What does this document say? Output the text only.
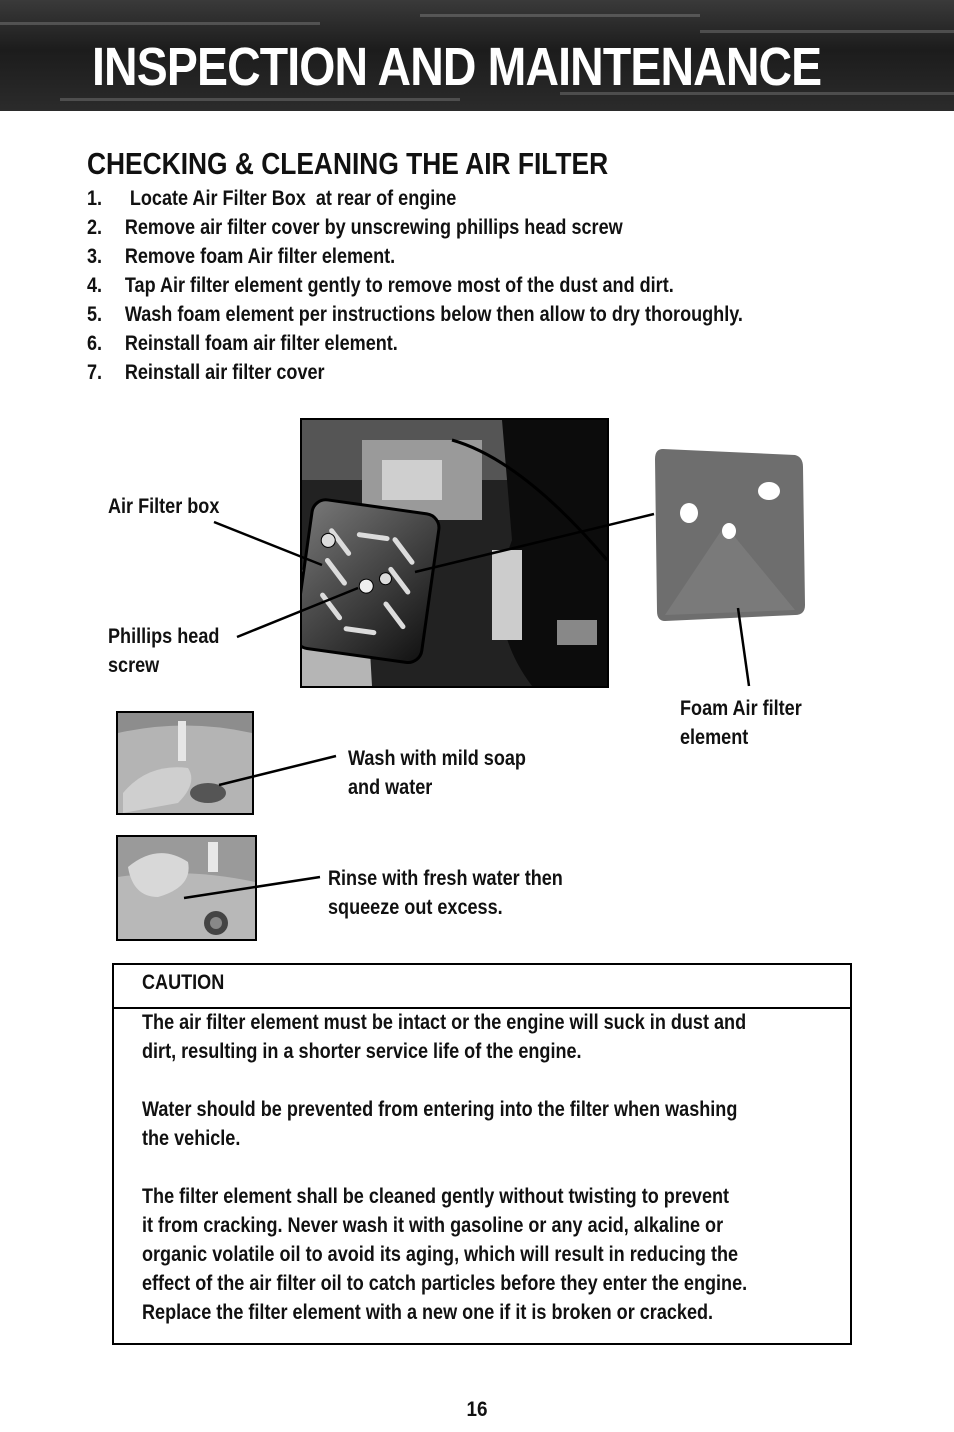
INSPECTION AND MAINTENANCE
CHECKING & CLEANING THE AIR FILTER
1. Locate Air Filter Box  at rear of engine
2. Remove air filter cover by unscrewing phillips head screw
3. Remove foam Air filter element.
4. Tap Air filter element gently to remove most of the dust and dirt.
5. Wash foam element per instructions below then allow to dry thoroughly.
6. Reinstall foam air filter element.
7. Reinstall air filter cover
Air Filter box
Phillips head
screw
Foam Air filter
element
Wash with mild soap
and water
Rinse with fresh water then
squeeze out excess.
CAUTION
The air filter element must be intact or the engine will suck in dust and
dirt, resulting in a shorter service life of the engine.
Water should be prevented from entering into the filter when washing
the vehicle.
The filter element shall be cleaned gently without twisting to prevent
it from cracking. Never wash it with gasoline or any acid, alkaline or
organic volatile oil to avoid its aging, which will result in reducing the
effect of the air filter oil to catch particles before they enter the engine.
Replace the filter element with a new one if it is broken or cracked.
16
